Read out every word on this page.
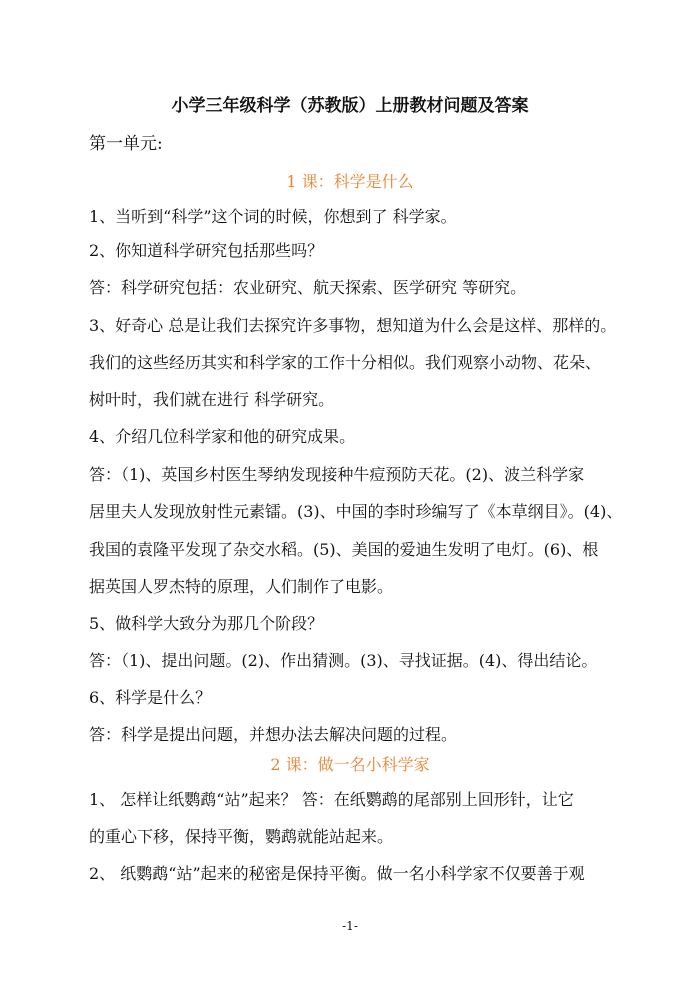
小学三年级科学（苏教版）上册教材问题及答案
第一单元:
1 课：科学是什么
1、当听到“科学”这个词的时候，你想到了 科学家。
2、你知道科学研究包括那些吗？
答：科学研究包括：农业研究、航天探索、医学研究 等研究。
3、好奇心 总是让我们去探究许多事物，想知道为什么会是这样、那样的。
我们的这些经历其实和科学家的工作十分相似。我们观察小动物、花朵、
树叶时，我们就在进行 科学研究。
4、介绍几位科学家和他的研究成果。
答：（1)、英国乡村医生琴纳发现接种牛痘预防天花。(2)、波兰科学家
居里夫人发现放射性元素镭。(3)、中国的李时珍编写了《本草纲目》。(4)、
我国的袁隆平发现了杂交水稻。(5)、美国的爱迪生发明了电灯。(6)、根
据英国人罗杰特的原理，人们制作了电影。
5、做科学大致分为那几个阶段？
答：（1)、提出问题。(2)、作出猜测。(3)、寻找证据。(4)、得出结论。
6、科学是什么？
答：科学是提出问题，并想办法去解决问题的过程。
2 课：做一名小科学家
1、 怎样让纸鹦鹉“站”起来？ 答：在纸鹦鹉的尾部别上回形针，让它
的重心下移，保持平衡，鹦鹉就能站起来。
2、 纸鹦鹉“站”起来的秘密是保持平衡。做一名小科学家不仅要善于观
-1-
